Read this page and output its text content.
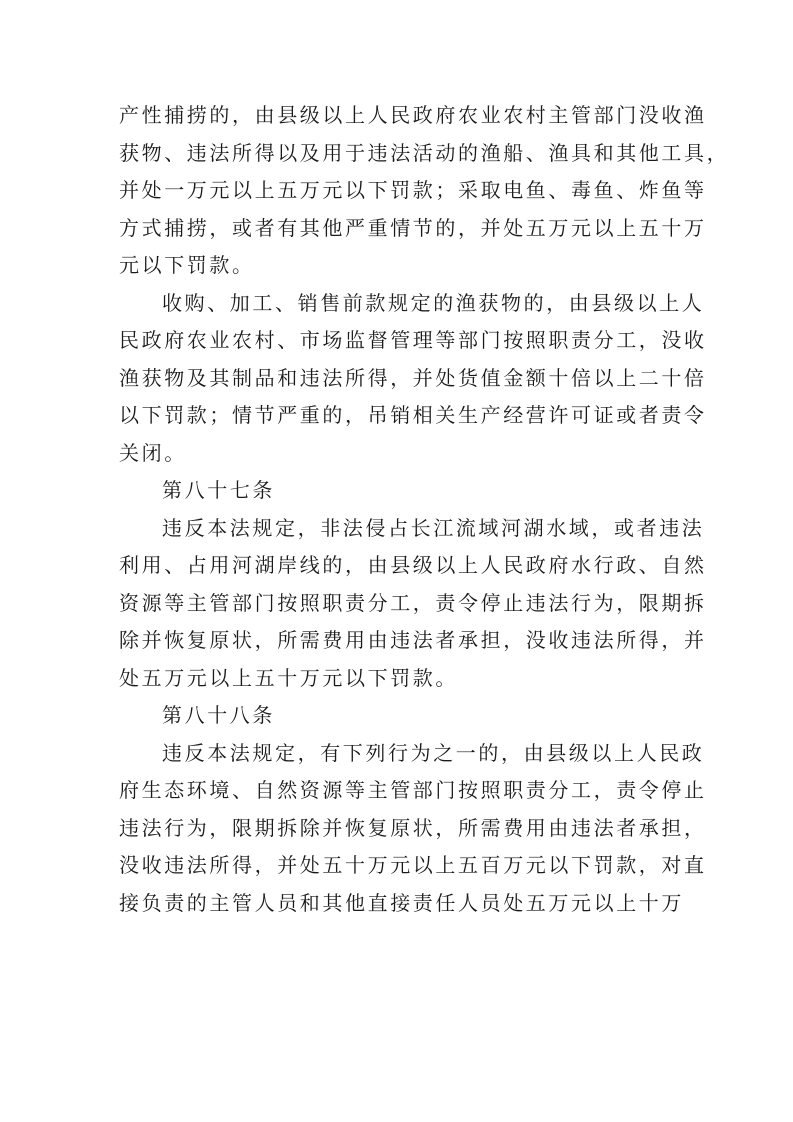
产性捕捞的，由县级以上人民政府农业农村主管部门没收渔
获物、违法所得以及用于违法活动的渔船、渔具和其他工具，
并处一万元以上五万元以下罚款；采取电鱼、毒鱼、炸鱼等
方式捕捞，或者有其他严重情节的，并处五万元以上五十万
元以下罚款。
收购、加工、销售前款规定的渔获物的，由县级以上人
民政府农业农村、市场监督管理等部门按照职责分工，没收
渔获物及其制品和违法所得，并处货值金额十倍以上二十倍
以下罚款；情节严重的，吊销相关生产经营许可证或者责令
关闭。
第八十七条
违反本法规定，非法侵占长江流域河湖水域，或者违法
利用、占用河湖岸线的，由县级以上人民政府水行政、自然
资源等主管部门按照职责分工，责令停止违法行为，限期拆
除并恢复原状，所需费用由违法者承担，没收违法所得，并
处五万元以上五十万元以下罚款。
第八十八条
违反本法规定，有下列行为之一的，由县级以上人民政
府生态环境、自然资源等主管部门按照职责分工，责令停止
违法行为，限期拆除并恢复原状，所需费用由违法者承担，
没收违法所得，并处五十万元以上五百万元以下罚款，对直
接负责的主管人员和其他直接责任人员处五万元以上十万
